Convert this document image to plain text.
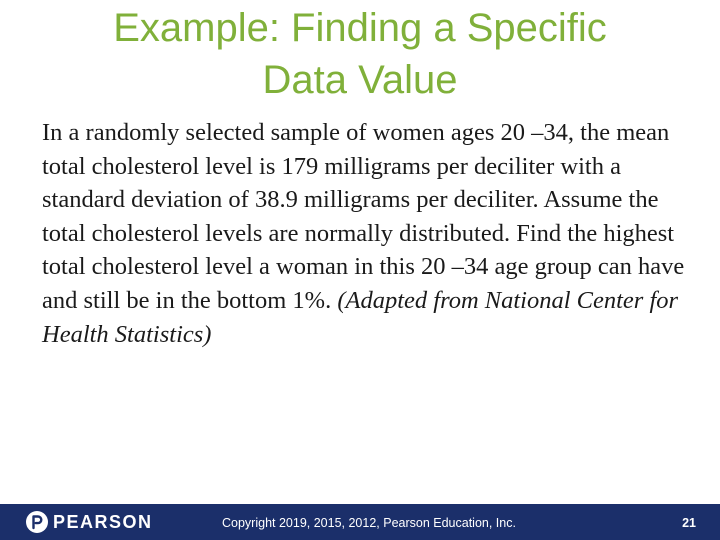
Example: Finding a Specific
Data Value

In a randomly selected sample of women ages 20 –34, the mean total cholesterol level is 179 milligrams per deciliter with a standard deviation of 38.9 milligrams per deciliter. Assume the total cholesterol levels are normally distributed. Find the highest total cholesterol level a woman in this 20 –34 age group can have and still be in the bottom 1%. (Adapted from National Center for Health Statistics)

PEARSON	Copyright 2019, 2015, 2012, Pearson Education, Inc.	21
